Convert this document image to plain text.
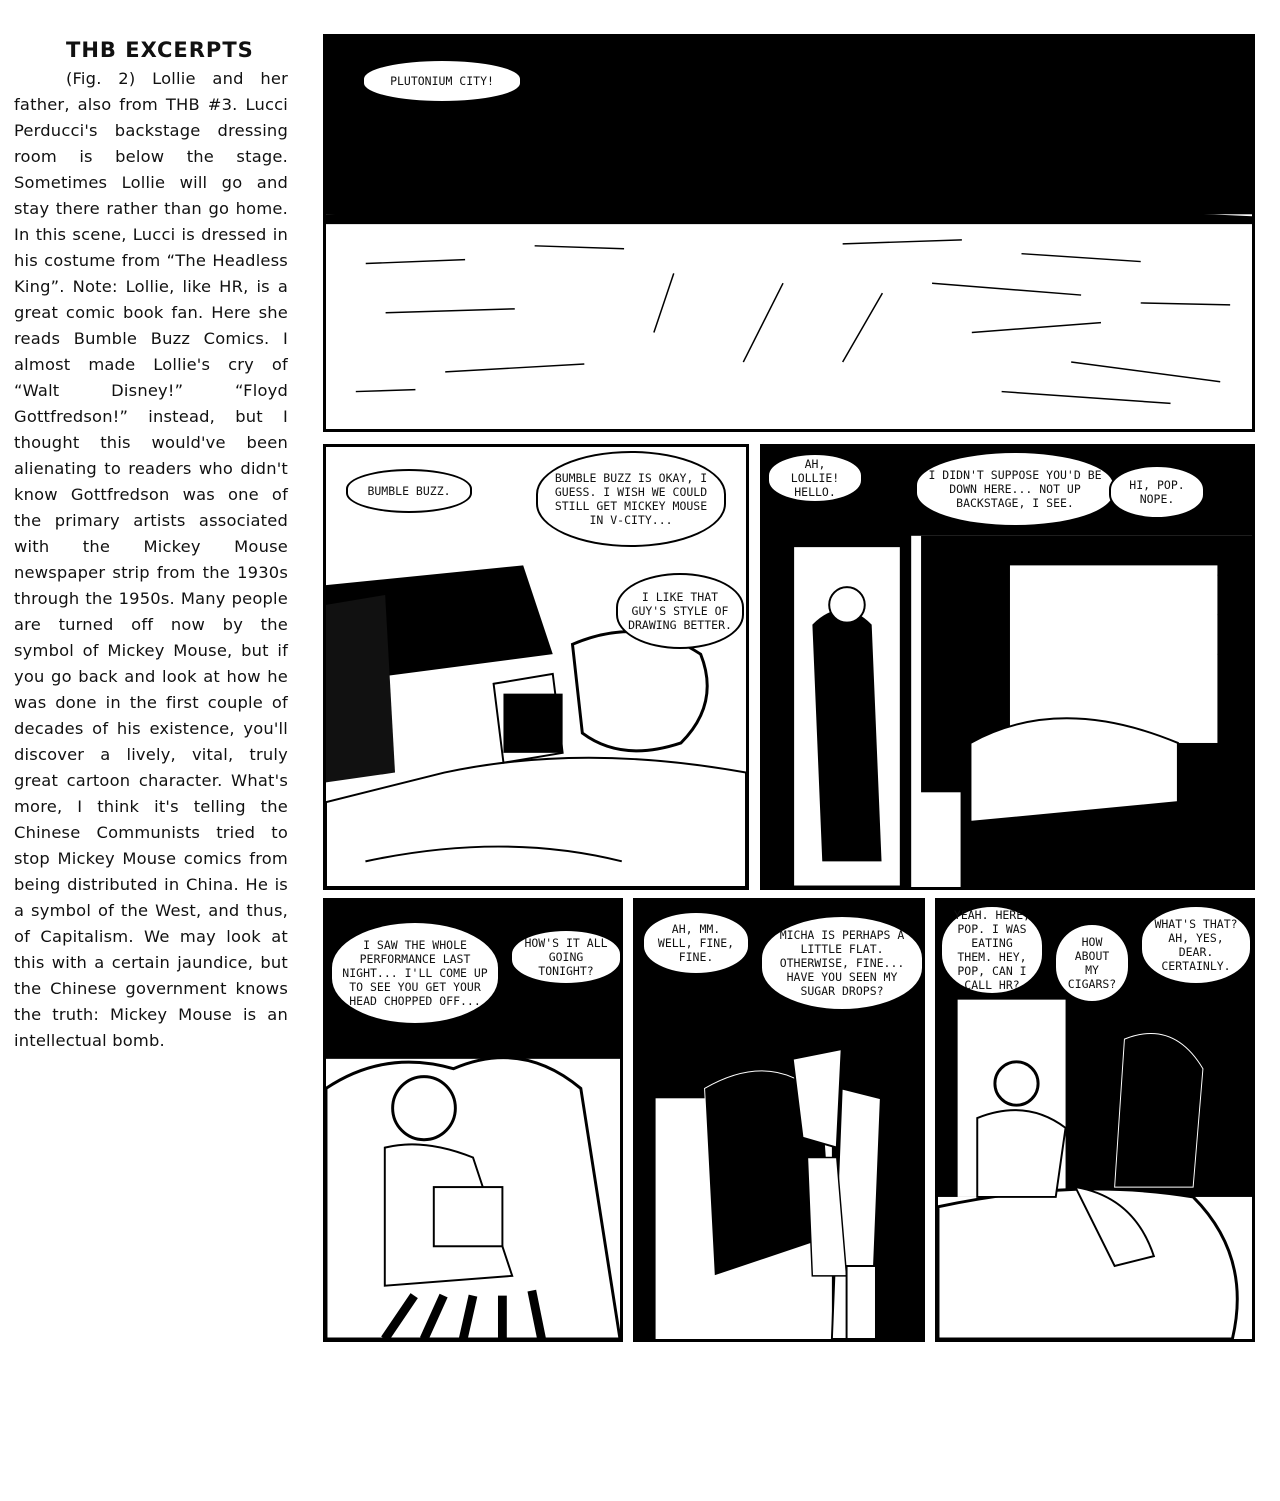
THB EXCERPTS

(Fig. 2) Lollie and her father, also from THB #3. Lucci Perducci's backstage dressing room is below the stage. Sometimes Lollie will go and stay there rather than go home. In this scene, Lucci is dressed in his costume from “The Headless King”. Note: Lollie, like HR, is a great comic book fan. Here she reads Bumble Buzz Comics. I almost made Lollie's cry of “Walt Disney!” “Floyd Gottfredson!” instead, but I thought this would've been alienating to readers who didn't know Gottfredson was one of the primary artists associated with the Mickey Mouse newspaper strip from the 1930s through the 1950s. Many people are turned off now by the symbol of Mickey Mouse, but if you go back and look at how he was done in the first couple of decades of his existence, you'll discover a lively, vital, truly great cartoon character. What's more, I think it's telling the Chinese Communists tried to stop Mickey Mouse comics from being distributed in China. He is a symbol of the West, and thus, of Capitalism. We may look at this with a certain jaundice, but the Chinese government knows the truth: Mickey Mouse is an intellectual bomb.

PLUTONIUM CITY!
BUMBLE BUZZ.
BUMBLE BUZZ IS OKAY, I GUESS. I WISH WE COULD STILL GET MICKEY MOUSE IN V-CITY...
I LIKE THAT GUY'S STYLE OF DRAWING BETTER.
AH, LOLLIE! HELLO.
I DIDN'T SUPPOSE YOU'D BE DOWN HERE... NOT UP BACKSTAGE, I SEE.
HI, POP. NOPE.
I SAW THE WHOLE PERFORMANCE LAST NIGHT... I'LL COME UP TO SEE YOU GET YOUR HEAD CHOPPED OFF...
HOW'S IT ALL GOING TONIGHT?
AH, MM. WELL, FINE, FINE.
MICHA IS PERHAPS A LITTLE FLAT. OTHERWISE, FINE... HAVE YOU SEEN MY SUGAR DROPS?
YEAH. HERE, POP. I WAS EATING THEM. HEY, POP, CAN I CALL HR?
HOW ABOUT MY CIGARS?
WHAT'S THAT? AH, YES, DEAR. CERTAINLY.
